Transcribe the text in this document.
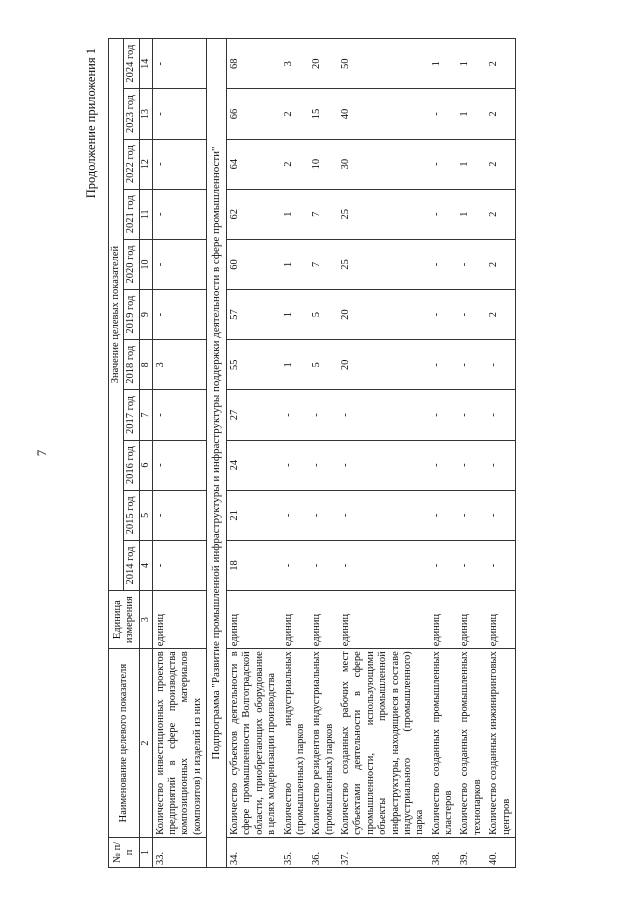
7
Продолжение приложения 1
№ п/п	Наименование целевого показателя	Единица измерения	Значение целевых показателей										
			2014 год	2015 год	2016 год	2017 год	2018 год	2019 год	2020 год	2021 год	2022 год	2023 год	2024 год
1	2	3	4	5	6	7	8	9	10	11	12	13	14
33.	Количество инвестиционных проектов предприятий в сфере производства композиционных материалов (композитов) и изделий из них	единиц	-	-	-	-	3	-	-	-	-	-	-
Подпрограмма "Развитие промышленной инфраструктуры и инфраструктуры поддержки деятельности в сфере промышленности"													
34.	Количество субъектов деятельности в сфере промышленности Волгоградской области, приобретающих оборудование в целях модернизации производства	единиц	18	21	24	27	55	57	60	62	64	66	68
35.	Количество индустриальных (промышленных) парков	единиц	-	-	-	-	1	1	1	1	2	2	3
36.	Количество резидентов индустриальных (промышленных) парков	единиц	-	-	-	-	5	5	7	7	10	15	20
37.	Количество созданных рабочих мест субъектами деятельности в сфере промышленности, использующими объекты промышленной инфраструктуры, находящиеся в составе индустриального (промышленного) парка	единиц	-	-	-	-	20	20	25	25	30	40	50
38.	Количество созданных промышленных кластеров	единиц	-	-	-	-	-	-	-	-	-	-	1
39.	Количество созданных промышленных технопарков	единиц	-	-	-	-	-	-	-	1	1	1	1
40.	Количество созданных инжиниринговых центров	единиц	-	-	-	-	-	2	2	2	2	2	2
